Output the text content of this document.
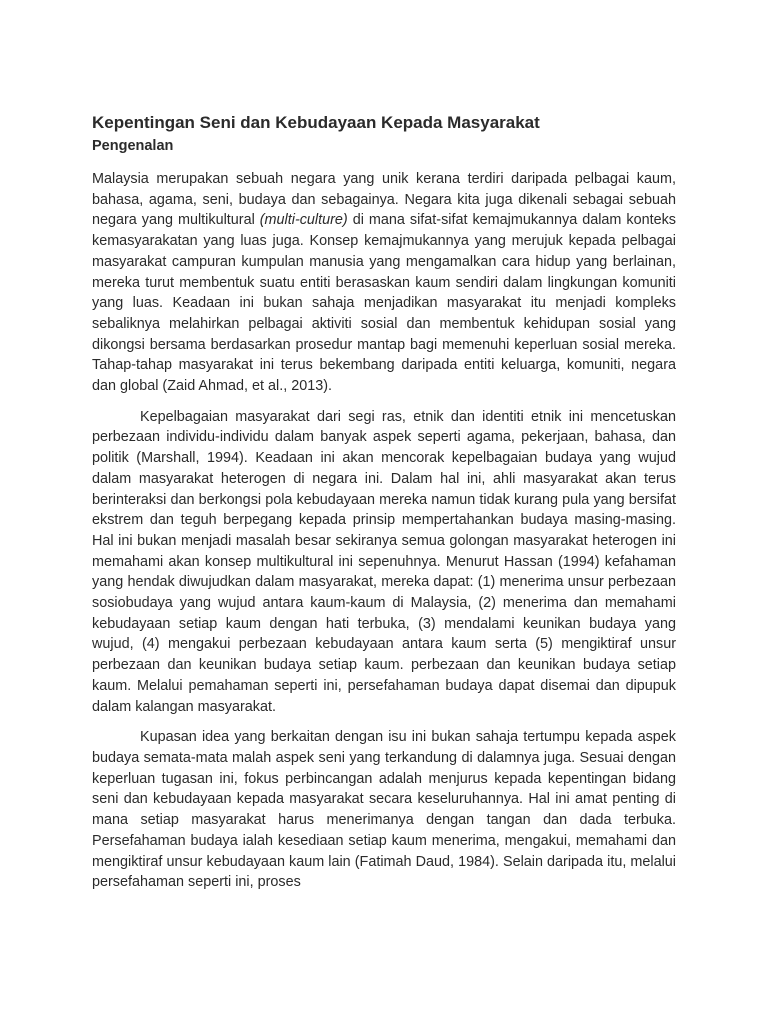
Kepentingan Seni dan Kebudayaan Kepada Masyarakat
Pengenalan

Malaysia merupakan sebuah negara yang unik kerana terdiri daripada pelbagai kaum, bahasa, agama, seni, budaya dan sebagainya. Negara kita juga dikenali sebagai sebuah negara yang multikultural (multi-culture) di mana sifat-sifat kemajmukannya dalam konteks kemasyarakatan yang luas juga. Konsep kemajmukannya yang merujuk kepada pelbagai masyarakat campuran kumpulan manusia yang mengamalkan cara hidup yang berlainan, mereka turut membentuk suatu entiti berasaskan kaum sendiri dalam lingkungan komuniti yang luas. Keadaan ini bukan sahaja menjadikan masyarakat itu menjadi kompleks sebaliknya melahirkan pelbagai aktiviti sosial dan membentuk kehidupan sosial yang dikongsi bersama berdasarkan prosedur mantap bagi memenuhi keperluan sosial mereka. Tahap-tahap masyarakat ini terus bekembang daripada entiti keluarga, komuniti, negara dan global (Zaid Ahmad, et al., 2013).

Kepelbagaian masyarakat dari segi ras, etnik dan identiti etnik ini mencetuskan perbezaan individu-individu dalam banyak aspek seperti agama, pekerjaan, bahasa, dan politik (Marshall, 1994). Keadaan ini akan mencorak kepelbagaian budaya yang wujud dalam masyarakat heterogen di negara ini. Dalam hal ini, ahli masyarakat akan terus berinteraksi dan berkongsi pola kebudayaan mereka namun tidak kurang pula yang bersifat ekstrem dan teguh berpegang kepada prinsip mempertahankan budaya masing-masing. Hal ini bukan menjadi masalah besar sekiranya semua golongan masyarakat heterogen ini memahami akan konsep multikultural ini sepenuhnya. Menurut Hassan (1994) kefahaman yang hendak diwujudkan dalam masyarakat, mereka dapat: (1) menerima unsur perbezaan sosiobudaya yang wujud antara kaum-kaum di Malaysia, (2) menerima dan memahami kebudayaan setiap kaum dengan hati terbuka, (3) mendalami keunikan budaya yang wujud, (4) mengakui perbezaan kebudayaan antara kaum serta (5) mengiktiraf unsur perbezaan dan keunikan budaya setiap kaum. perbezaan dan keunikan budaya setiap kaum. Melalui pemahaman seperti ini, persefahaman budaya dapat disemai dan dipupuk dalam kalangan masyarakat.

Kupasan idea yang berkaitan dengan isu ini bukan sahaja tertumpu kepada aspek budaya semata-mata malah aspek seni yang terkandung di dalamnya juga. Sesuai dengan keperluan tugasan ini, fokus perbincangan adalah menjurus kepada kepentingan bidang seni dan kebudayaan kepada masyarakat secara keseluruhannya. Hal ini amat penting di mana setiap masyarakat harus menerimanya dengan tangan dan dada terbuka. Persefahaman budaya ialah kesediaan setiap kaum menerima, mengakui, memahami dan mengiktiraf unsur kebudayaan kaum lain (Fatimah Daud, 1984). Selain daripada itu, melalui persefahaman seperti ini, proses
